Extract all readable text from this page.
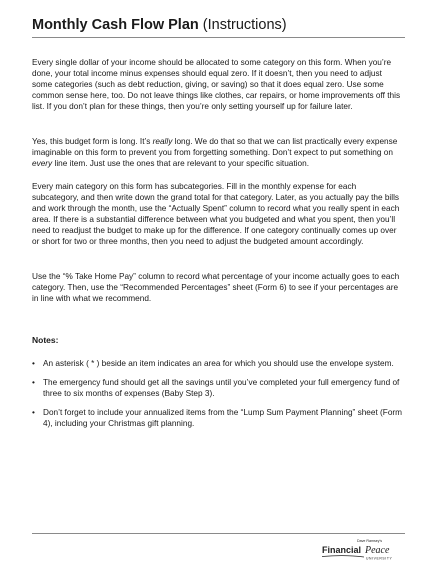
Monthly Cash Flow Plan (Instructions)
Every single dollar of your income should be allocated to some category on this form. When you’re done, your total income minus expenses should equal zero. If it doesn’t, then you need to adjust some categories (such as debt reduction, giving, or saving) so that it does equal zero. Use some common sense here, too. Do not leave things like clothes, car repairs, or home improvements off this list. If you don’t plan for these things, then you’re only setting yourself up for failure later.
Yes, this budget form is long. It’s really long. We do that so that we can list practically every expense imaginable on this form to prevent you from forgetting something. Don’t expect to put something on every line item. Just use the ones that are relevant to your specific situation.
Every main category on this form has subcategories. Fill in the monthly expense for each subcategory, and then write down the grand total for that category. Later, as you actually pay the bills and work through the month, use the “Actually Spent” column to record what you really spent in each area. If there is a substantial difference between what you budgeted and what you spent, then you’ll need to readjust the budget to make up for the difference. If one category continually comes up over or short for two or three months, then you need to adjust the budgeted amount accordingly.
Use the “% Take Home Pay” column to record what percentage of your income actually goes to each category. Then, use the “Recommended Percentages” sheet (Form 6) to see if your percentages are in line with what we recommend.
Notes:
• An asterisk ( * ) beside an item indicates an area for which you should use the envelope system.
• The emergency fund should get all the savings until you’ve completed your full emergency fund of three to six months of expenses (Baby Step 3).
• Don’t forget to include your annualized items from the “Lump Sum Payment Planning” sheet (Form 4), including your Christmas gift planning.
Dave Ramsey's
Financial Peace
UNIVERSITY
